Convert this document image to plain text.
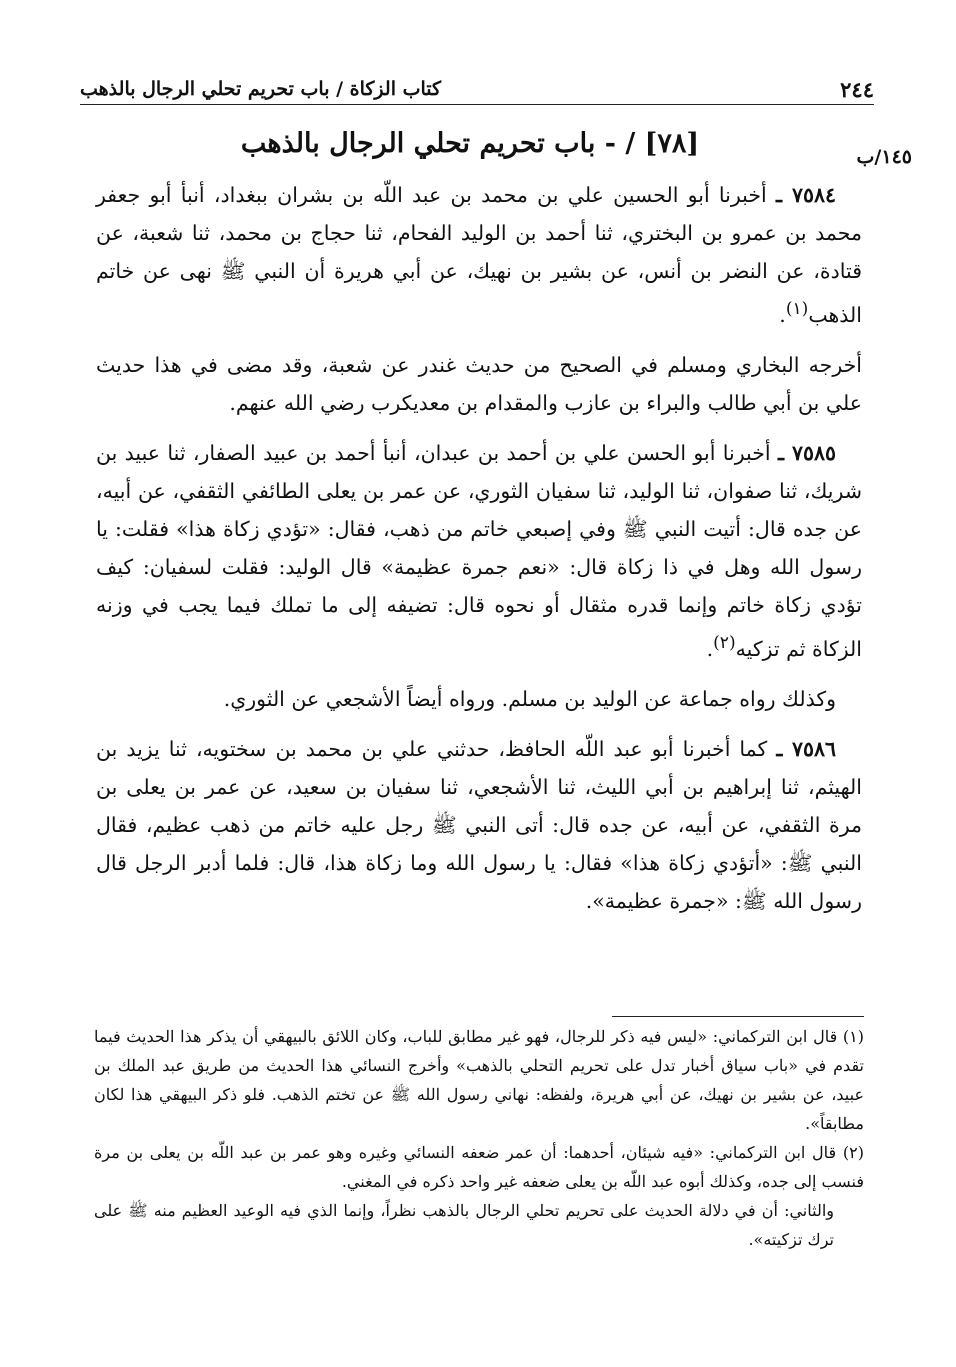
٢٤٤
كتاب الزكاة / باب تحريم تحلي الرجال بالذهب
١٤٥/ب
[٧٨] / - باب تحريم تحلي الرجال بالذهب

٧٥٨٤ ـ أخبرنا أبو الحسين علي بن محمد بن عبد اللّه بن بشران ببغداد، أنبأ أبو جعفر محمد بن عمرو بن البختري، ثنا أحمد بن الوليد الفحام، ثنا حجاج بن محمد، ثنا شعبة، عن قتادة، عن النضر بن أنس، عن بشير بن نهيك، عن أبي هريرة أن النبي ﷺ نهى عن خاتم الذهب$^{(١)}$.

أخرجه البخاري ومسلم في الصحيح من حديث غندر عن شعبة، وقد مضى في هذا حديث علي بن أبي طالب والبراء بن عازب والمقدام بن معديكرب رضي الله عنهم.

٧٥٨٥ ـ أخبرنا أبو الحسن علي بن أحمد بن عبدان، أنبأ أحمد بن عبيد الصفار، ثنا عبيد بن شريك، ثنا صفوان، ثنا الوليد، ثنا سفيان الثوري، عن عمر بن يعلى الطائفي الثقفي، عن أبيه، عن جده قال: أتيت النبي ﷺ وفي إصبعي خاتم من ذهب، فقال: «تؤدي زكاة هذا» فقلت: يا رسول الله وهل في ذا زكاة قال: «نعم جمرة عظيمة» قال الوليد: فقلت لسفيان: كيف تؤدي زكاة خاتم وإنما قدره مثقال أو نحوه قال: تضيفه إلى ما تملك فيما يجب في وزنه الزكاة ثم تزكيه$^{(٢)}$.

وكذلك رواه جماعة عن الوليد بن مسلم. ورواه أيضاً الأشجعي عن الثوري.

٧٥٨٦ ـ كما أخبرنا أبو عبد اللّه الحافظ، حدثني علي بن محمد بن سختويه، ثنا يزيد بن الهيثم، ثنا إبراهيم بن أبي الليث، ثنا الأشجعي، ثنا سفيان بن سعيد، عن عمر بن يعلى بن مرة الثقفي، عن أبيه، عن جده قال: أتى النبي ﷺ رجل عليه خاتم من ذهب عظيم، فقال النبي ﷺ: «أتؤدي زكاة هذا» فقال: يا رسول الله وما زكاة هذا، قال: فلما أدبر الرجل قال رسول الله ﷺ: «جمرة عظيمة».

(١) قال ابن التركماني: «ليس فيه ذكر للرجال، فهو غير مطابق للباب، وكان اللائق بالبيهقي أن يذكر هذا الحديث فيما تقدم في «باب سياق أخبار تدل على تحريم التحلي بالذهب» وأخرج النسائي هذا الحديث من طريق عبد الملك بن عبيد، عن بشير بن نهيك، عن أبي هريرة، ولفظه: نهاني رسول الله ﷺ عن تختم الذهب. فلو ذكر البيهقي هذا لكان مطابقاً».

(٢) قال ابن التركماني: «فيه شيئان، أحدهما: أن عمر ضعفه النسائي وغيره وهو عمر بن عبد اللّه بن يعلى بن مرة فنسب إلى جده، وكذلك أبوه عبد اللّه بن يعلى ضعفه غير واحد ذكره في المغني.

والثاني: أن في دلالة الحديث على تحريم تحلي الرجال بالذهب نظراً، وإنما الذي فيه الوعيد العظيم منه ﷺ على ترك تزكيته».
